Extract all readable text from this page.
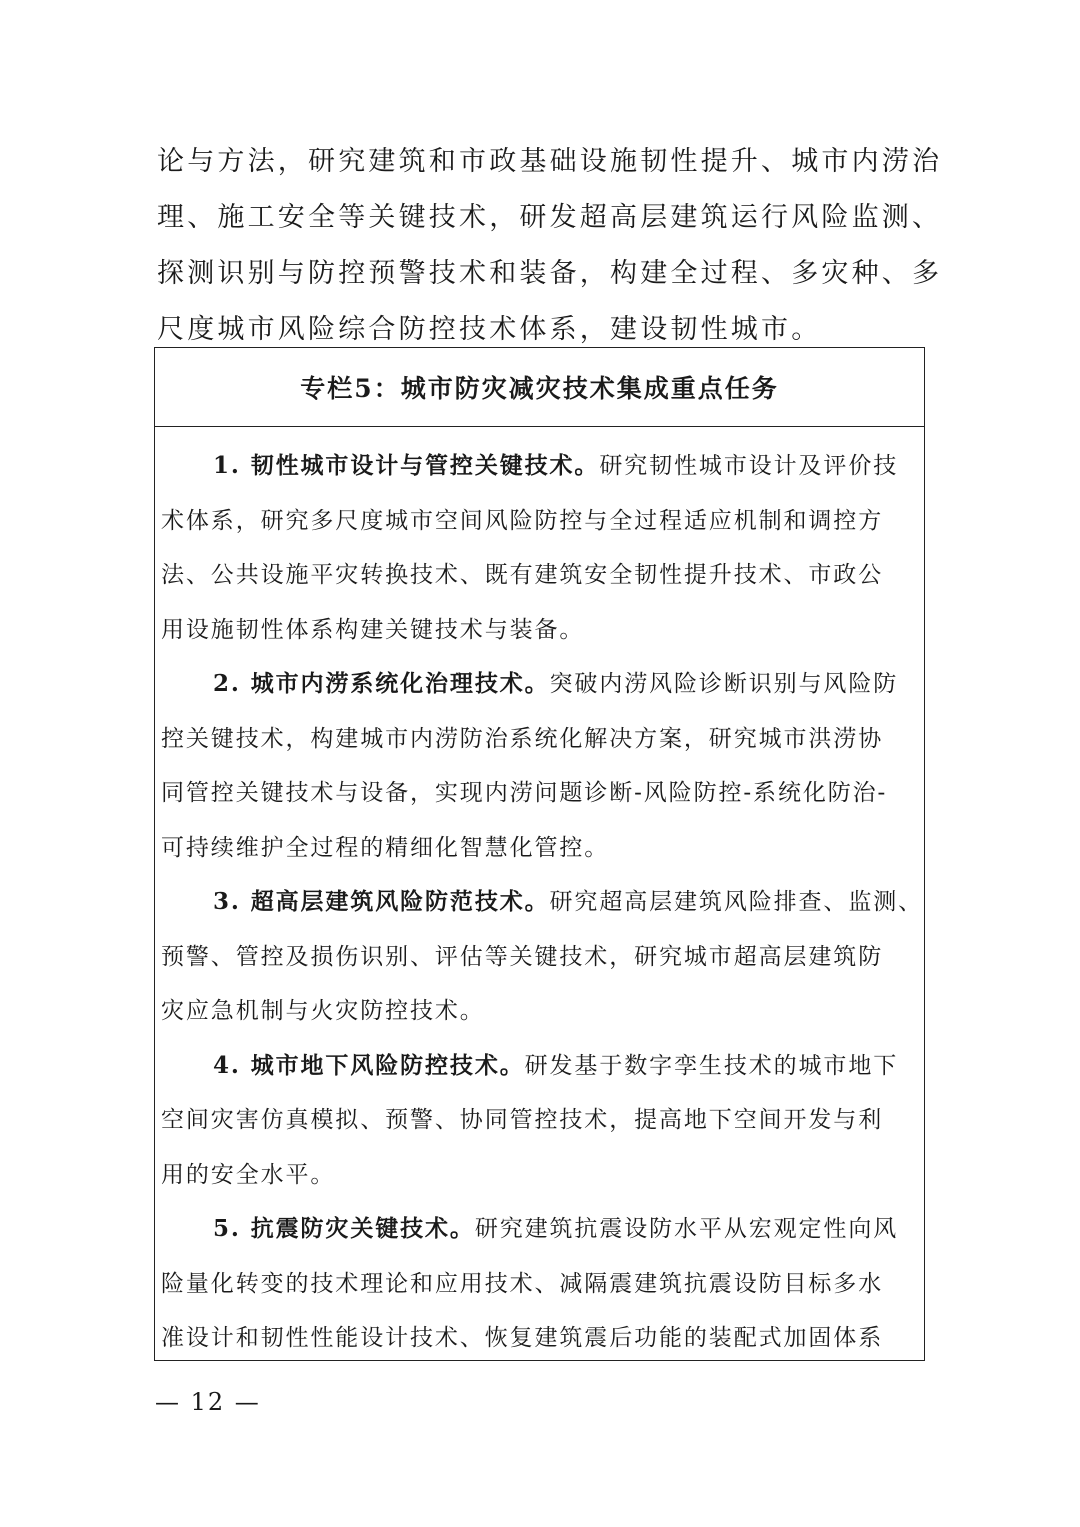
论与方法，研究建筑和市政基础设施韧性提升、城市内涝治
理、施工安全等关键技术，研发超高层建筑运行风险监测、
探测识别与防控预警技术和装备，构建全过程、多灾种、多
尺度城市风险综合防控技术体系，建设韧性城市。
专栏5：城市防灾减灾技术集成重点任务
1. 韧性城市设计与管控关键技术。研究韧性城市设计及评价技
术体系，研究多尺度城市空间风险防控与全过程适应机制和调控方
法、公共设施平灾转换技术、既有建筑安全韧性提升技术、市政公
用设施韧性体系构建关键技术与装备。
2. 城市内涝系统化治理技术。突破内涝风险诊断识别与风险防
控关键技术，构建城市内涝防治系统化解决方案，研究城市洪涝协
同管控关键技术与设备，实现内涝问题诊断-风险防控-系统化防治-
可持续维护全过程的精细化智慧化管控。
3. 超高层建筑风险防范技术。研究超高层建筑风险排查、监测、
预警、管控及损伤识别、评估等关键技术，研究城市超高层建筑防
灾应急机制与火灾防控技术。
4. 城市地下风险防控技术。研发基于数字孪生技术的城市地下
空间灾害仿真模拟、预警、协同管控技术，提高地下空间开发与利
用的安全水平。
5. 抗震防灾关键技术。研究建筑抗震设防水平从宏观定性向风
险量化转变的技术理论和应用技术、减隔震建筑抗震设防目标多水
准设计和韧性性能设计技术、恢复建筑震后功能的装配式加固体系
— 12 —
